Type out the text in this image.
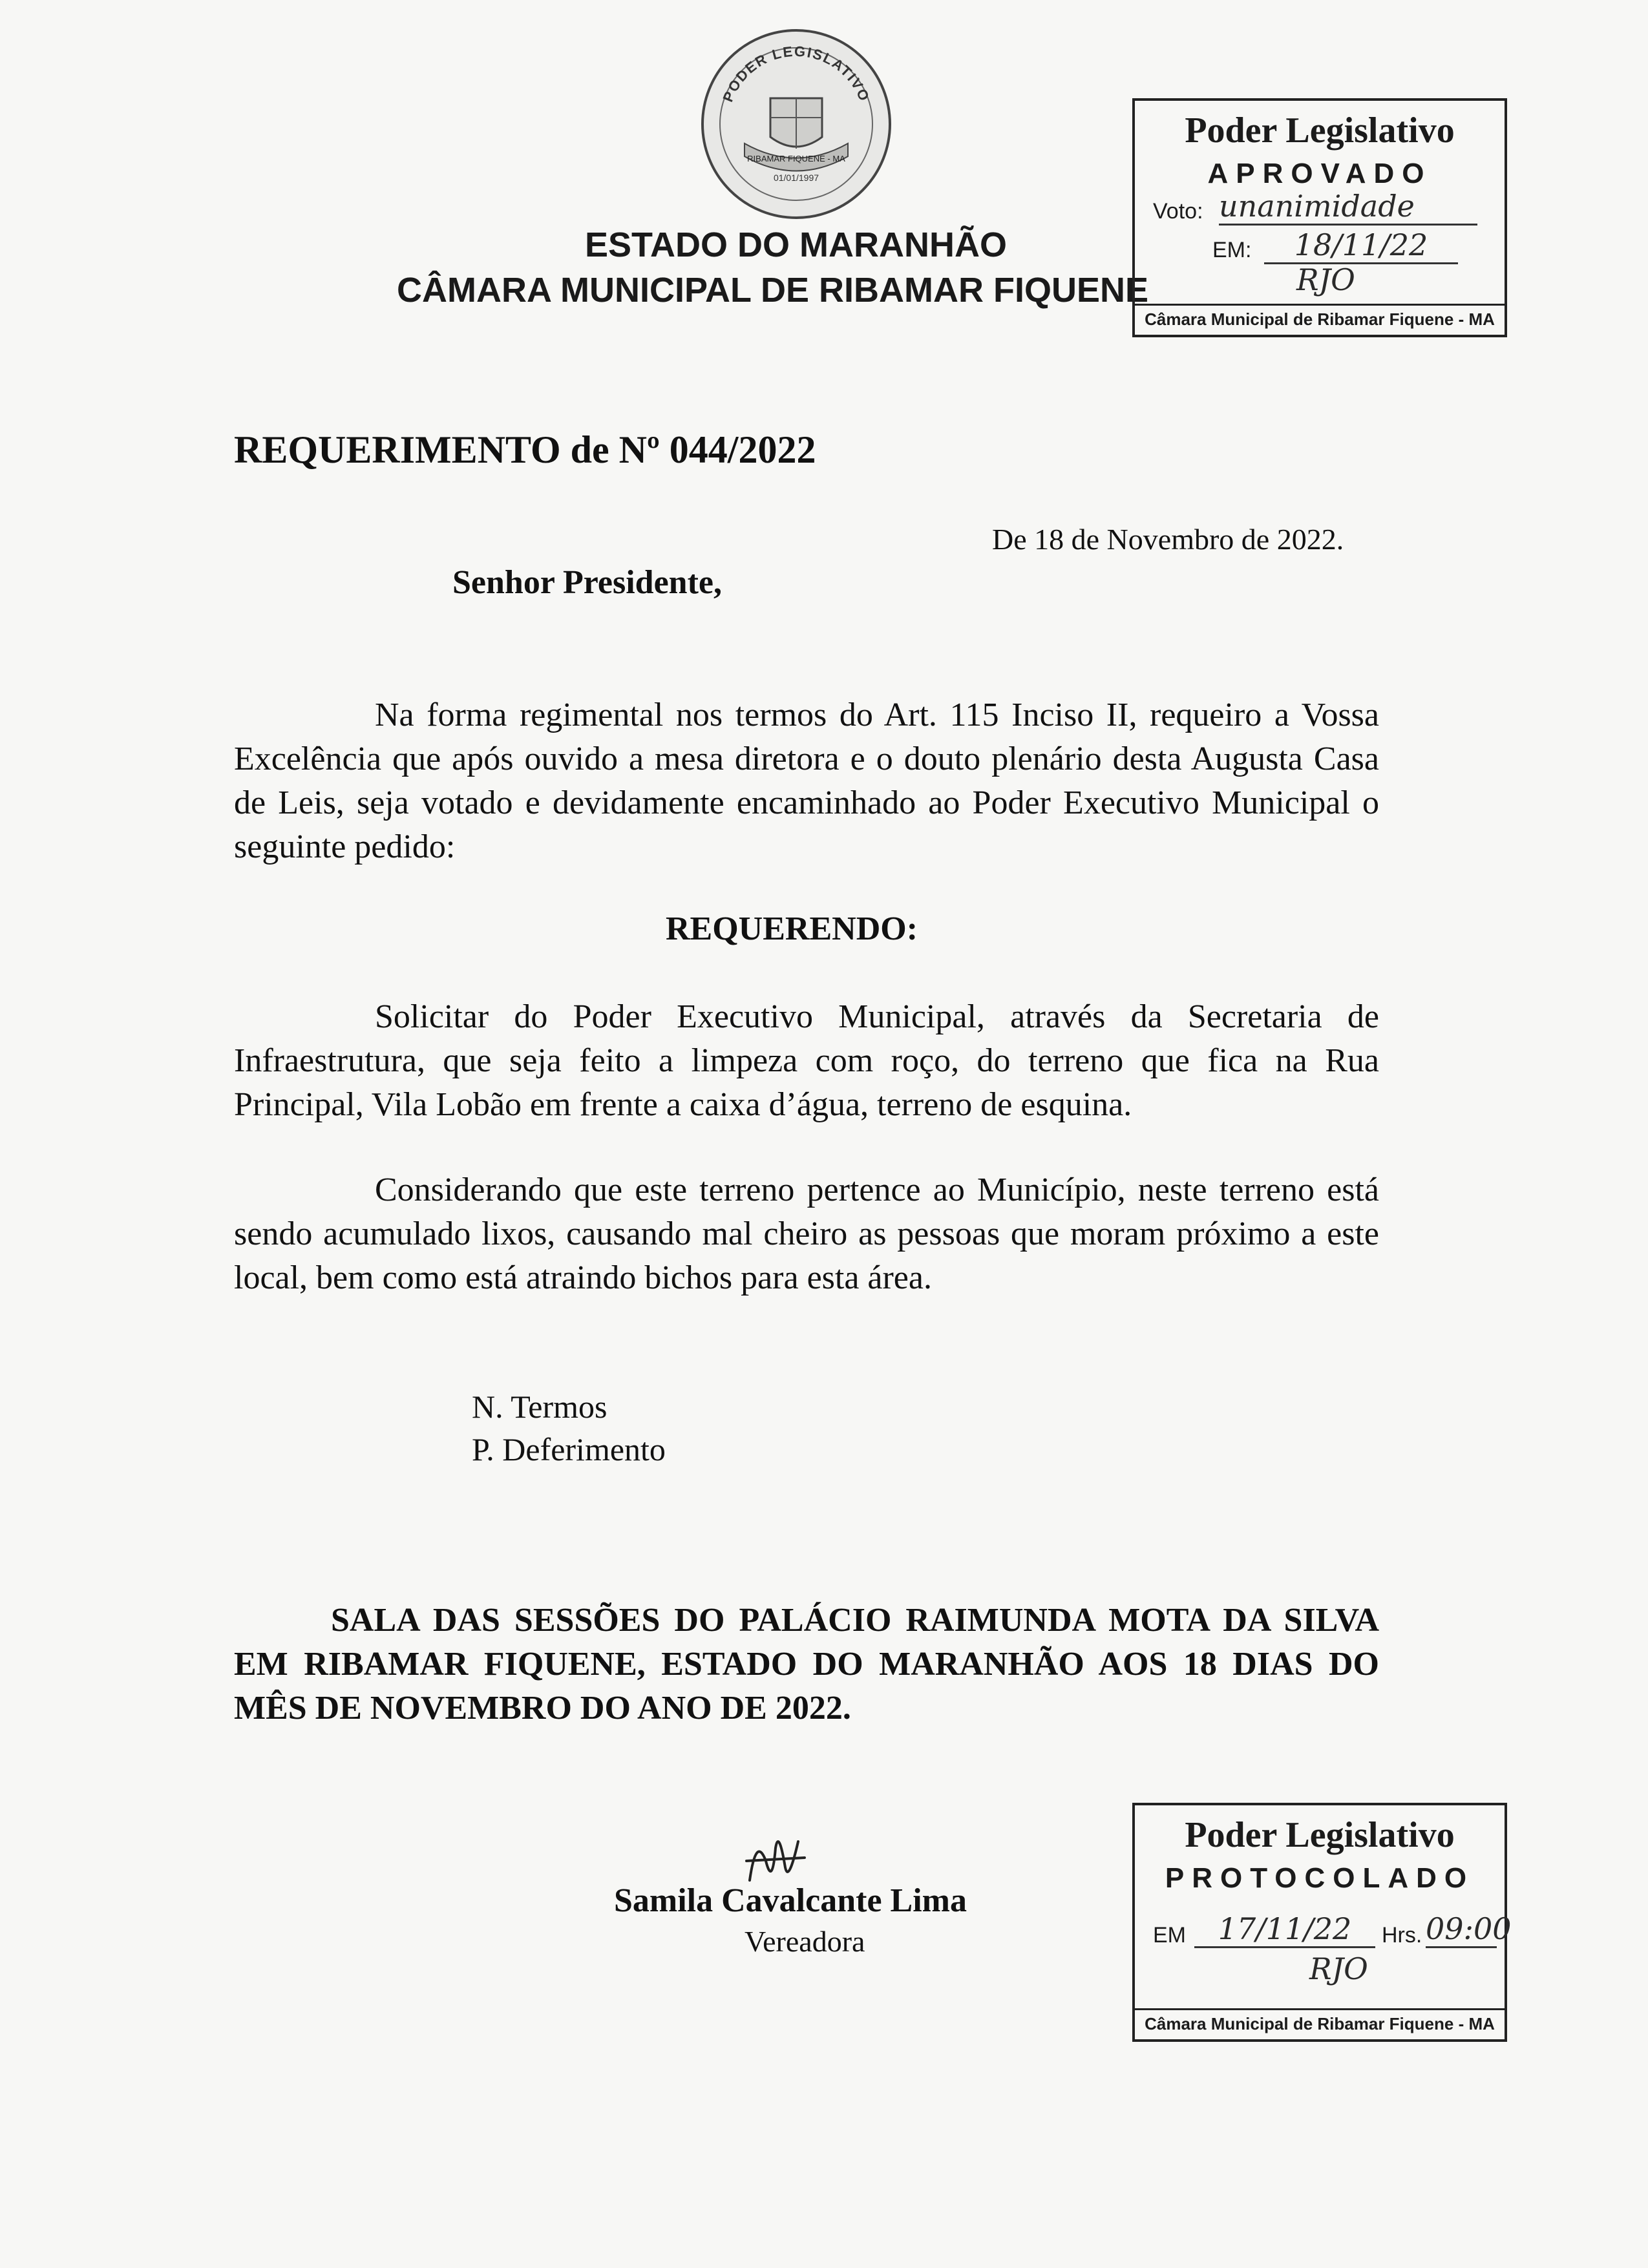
PODER LEGISLATIVO
RIBAMAR FIQUENE - MA
01/01/1997
ESTADO DO MARANHÃO
CÂMARA MUNICIPAL DE RIBAMAR FIQUENE
Poder Legislativo
APROVADO
Voto: unanimidade
EM:	18/11/22
RJO
Câmara Municipal de Ribamar Fiquene - MA
REQUERIMENTO de Nº 044/2022
De 18 de Novembro de 2022.
Senhor Presidente,
Na forma regimental nos termos do Art. 115 Inciso II, requeiro a Vossa Excelência que após ouvido a mesa diretora e o douto plenário desta Augusta Casa de Leis, seja votado e devidamente encaminhado ao Poder Executivo Municipal o seguinte pedido:
REQUERENDO:
Solicitar do Poder Executivo Municipal, através da Secretaria de Infraestrutura, que seja feito a limpeza com roço, do terreno que fica na Rua Principal, Vila Lobão em frente a caixa d’água, terreno de esquina.
Considerando que este terreno pertence ao Município, neste terreno está sendo acumulado lixos, causando mal cheiro as pessoas que moram próximo a este local, bem como está atraindo bichos para esta área.
N. Termos
P. Deferimento
SALA DAS SESSÕES DO PALÁCIO RAIMUNDA MOTA DA SILVA EM RIBAMAR FIQUENE, ESTADO DO MARANHÃO AOS 18 DIAS DO MÊS DE NOVEMBRO DO ANO DE 2022.
Samila Cavalcante Lima
Vereadora
Poder Legislativo
PROTOCOLADO
EM	17/11/22	Hrs. 09:00
RJO
Câmara Municipal de Ribamar Fiquene - MA
